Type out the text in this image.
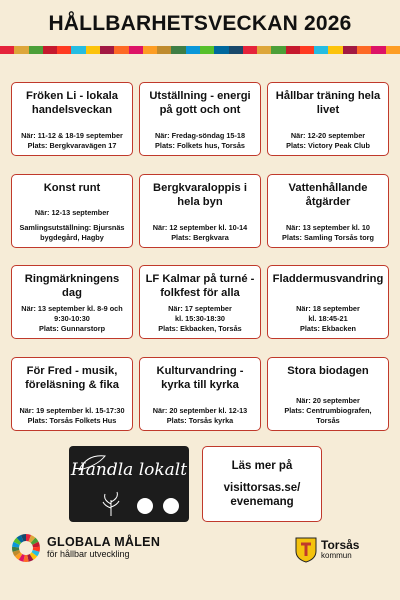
HÅLLBARHETSVECKAN 2026
Fröken Li - lokala handelsveckan
När: 11-12 & 18-19 september
Plats: Bergkvaravägen 17
Utställning - energi på gott och ont
När: Fredag-söndag 15-18
Plats: Folkets hus, Torsås
Hållbar träning hela livet
När: 12-20 september
Plats: Victory Peak Club
Konst runt
När: 12-13 september
Samlingsutställning: Bjursnäs bygdegård, Hagby
Bergkvaraloppis i hela byn
När: 12 september kl. 10-14
Plats: Bergkvara
Vattenhållande åtgärder
När: 13 september kl. 10
Plats: Samling Torsås torg
Ringmärkningens dag
När: 13 september kl. 8-9 och 9:30-10:30
Plats: Gunnarstorp
LF Kalmar på turné - folkfest för alla
När: 17 september
kl. 15:30-18:30
Plats: Ekbacken, Torsås
Fladdermusvandring
När: 18 september
kl. 18:45-21
Plats: Ekbacken
För Fred - musik, föreläsning & fika
När: 19 september kl. 15-17:30
Plats: Torsås Folkets Hus
Kulturvandring - kyrka till kyrka
När: 20 september kl. 12-13
Plats: Torsås kyrka
Stora biodagen
När: 20 september
Plats: Centrumbiografen, Torsås
Handla lokalt	Läs mer på
visittorsas.se/ evenemang
GLOBALA MÅLEN
för hållbar utveckling
Torsås
kommun
